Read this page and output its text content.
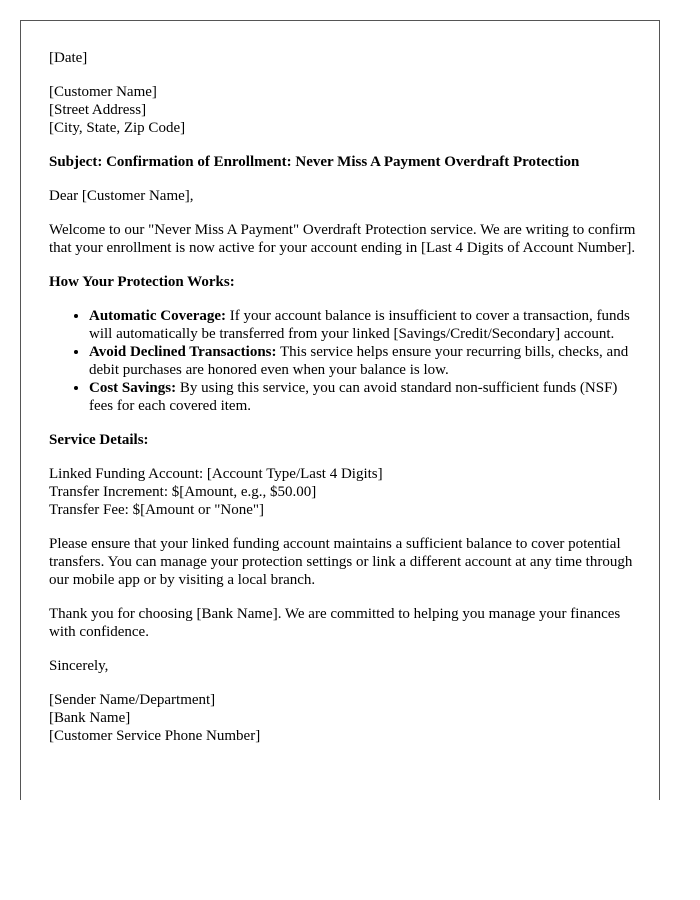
[Date]

[Customer Name]
[Street Address]
[City, State, Zip Code]

Subject: Confirmation of Enrollment: Never Miss A Payment Overdraft Protection

Dear [Customer Name],

Welcome to our "Never Miss A Payment" Overdraft Protection service. We are writing to confirm that your enrollment is now active for your account ending in [Last 4 Digits of Account Number].

How Your Protection Works:

• Automatic Coverage: If your account balance is insufficient to cover a transaction, funds will automatically be transferred from your linked [Savings/Credit/Secondary] account.
• Avoid Declined Transactions: This service helps ensure your recurring bills, checks, and debit purchases are honored even when your balance is low.
• Cost Savings: By using this service, you can avoid standard non-sufficient funds (NSF) fees for each covered item.

Service Details:

Linked Funding Account: [Account Type/Last 4 Digits]
Transfer Increment: $[Amount, e.g., $50.00]
Transfer Fee: $[Amount or "None"]

Please ensure that your linked funding account maintains a sufficient balance to cover potential transfers. You can manage your protection settings or link a different account at any time through our mobile app or by visiting a local branch.

Thank you for choosing [Bank Name]. We are committed to helping you manage your finances with confidence.

Sincerely,

[Sender Name/Department]
[Bank Name]
[Customer Service Phone Number]
